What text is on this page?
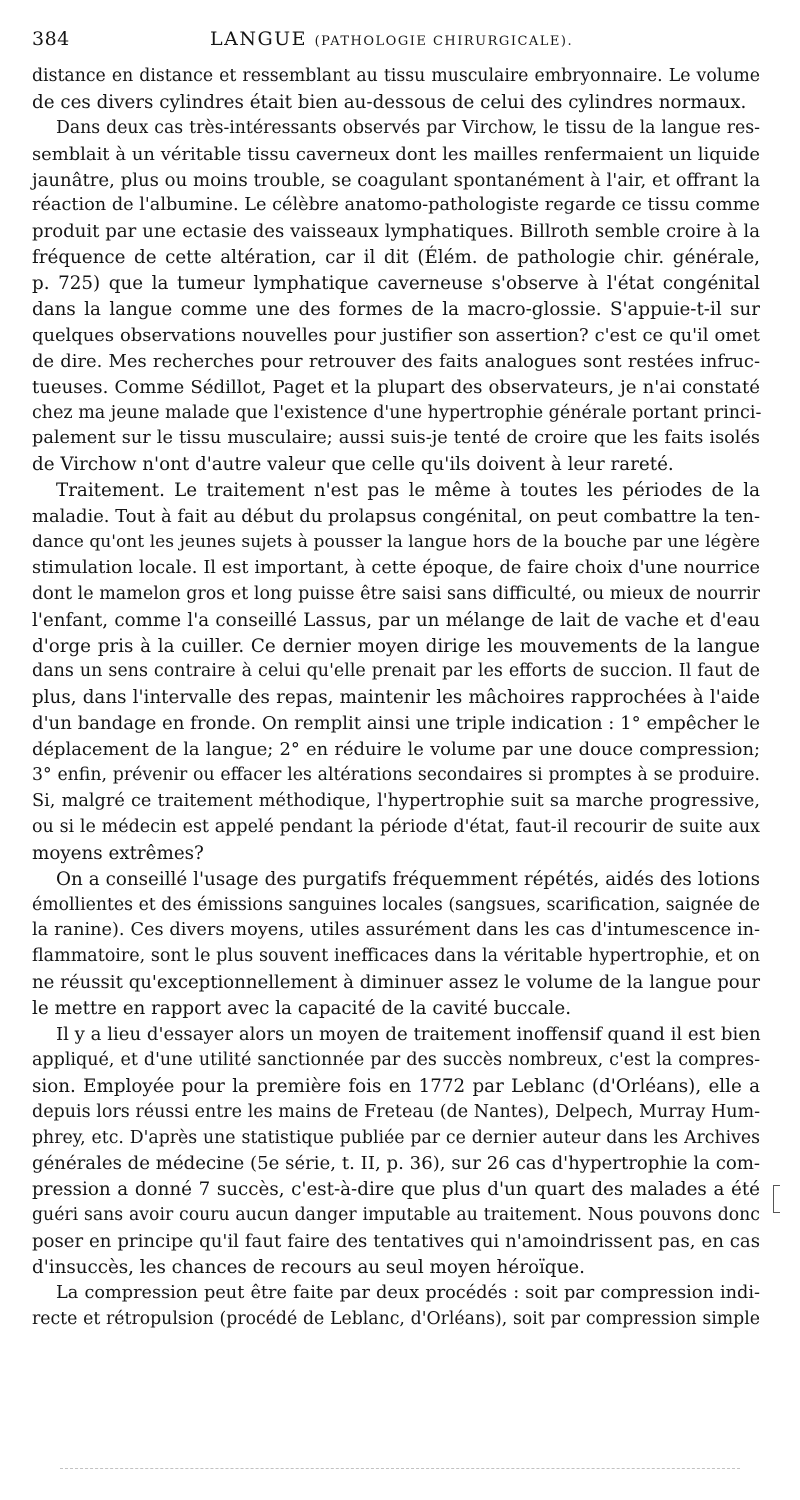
384	LANGUE (PATHOLOGIE CHIRURGICALE).
distance en distance et ressemblant au tissu musculaire embryonnaire. Le volume
de ces divers cylindres était bien au-dessous de celui des cylindres normaux.
Dans deux cas très-intéressants observés par Virchow, le tissu de la langue res-
semblait à un véritable tissu caverneux dont les mailles renfermaient un liquide
jaunâtre, plus ou moins trouble, se coagulant spontanément à l'air, et offrant la
réaction de l'albumine. Le célèbre anatomo-pathologiste regarde ce tissu comme
produit par une ectasie des vaisseaux lymphatiques. Billroth semble croire à la
fréquence de cette altération, car il dit (Élém. de pathologie chir. générale,
p. 725) que la tumeur lymphatique caverneuse s'observe à l'état congénital
dans la langue comme une des formes de la macro-glossie. S'appuie-t-il sur
quelques observations nouvelles pour justifier son assertion? c'est ce qu'il omet
de dire. Mes recherches pour retrouver des faits analogues sont restées infruc-
tueuses. Comme Sédillot, Paget et la plupart des observateurs, je n'ai constaté
chez ma jeune malade que l'existence d'une hypertrophie générale portant princi-
palement sur le tissu musculaire; aussi suis-je tenté de croire que les faits isolés
de Virchow n'ont d'autre valeur que celle qu'ils doivent à leur rareté.
Traitement. Le traitement n'est pas le même à toutes les périodes de la
maladie. Tout à fait au début du prolapsus congénital, on peut combattre la ten-
dance qu'ont les jeunes sujets à pousser la langue hors de la bouche par une légère
stimulation locale. Il est important, à cette époque, de faire choix d'une nourrice
dont le mamelon gros et long puisse être saisi sans difficulté, ou mieux de nourrir
l'enfant, comme l'a conseillé Lassus, par un mélange de lait de vache et d'eau
d'orge pris à la cuiller. Ce dernier moyen dirige les mouvements de la langue
dans un sens contraire à celui qu'elle prenait par les efforts de succion. Il faut de
plus, dans l'intervalle des repas, maintenir les mâchoires rapprochées à l'aide
d'un bandage en fronde. On remplit ainsi une triple indication : 1° empêcher le
déplacement de la langue; 2° en réduire le volume par une douce compression;
3° enfin, prévenir ou effacer les altérations secondaires si promptes à se produire.
Si, malgré ce traitement méthodique, l'hypertrophie suit sa marche progressive,
ou si le médecin est appelé pendant la période d'état, faut-il recourir de suite aux
moyens extrêmes?
On a conseillé l'usage des purgatifs fréquemment répétés, aidés des lotions
émollientes et des émissions sanguines locales (sangsues, scarification, saignée de
la ranine). Ces divers moyens, utiles assurément dans les cas d'intumescence in-
flammatoire, sont le plus souvent inefficaces dans la véritable hypertrophie, et on
ne réussit qu'exceptionnellement à diminuer assez le volume de la langue pour
le mettre en rapport avec la capacité de la cavité buccale.
Il y a lieu d'essayer alors un moyen de traitement inoffensif quand il est bien
appliqué, et d'une utilité sanctionnée par des succès nombreux, c'est la compres-
sion. Employée pour la première fois en 1772 par Leblanc (d'Orléans), elle a
depuis lors réussi entre les mains de Freteau (de Nantes), Delpech, Murray Hum-
phrey, etc. D'après une statistique publiée par ce dernier auteur dans les Archives
générales de médecine (5e série, t. II, p. 36), sur 26 cas d'hypertrophie la com-
pression a donné 7 succès, c'est-à-dire que plus d'un quart des malades a été
guéri sans avoir couru aucun danger imputable au traitement. Nous pouvons donc
poser en principe qu'il faut faire des tentatives qui n'amoindrissent pas, en cas
d'insuccès, les chances de recours au seul moyen héroïque.
La compression peut être faite par deux procédés : soit par compression indi-
recte et rétropulsion (procédé de Leblanc, d'Orléans), soit par compression simple
